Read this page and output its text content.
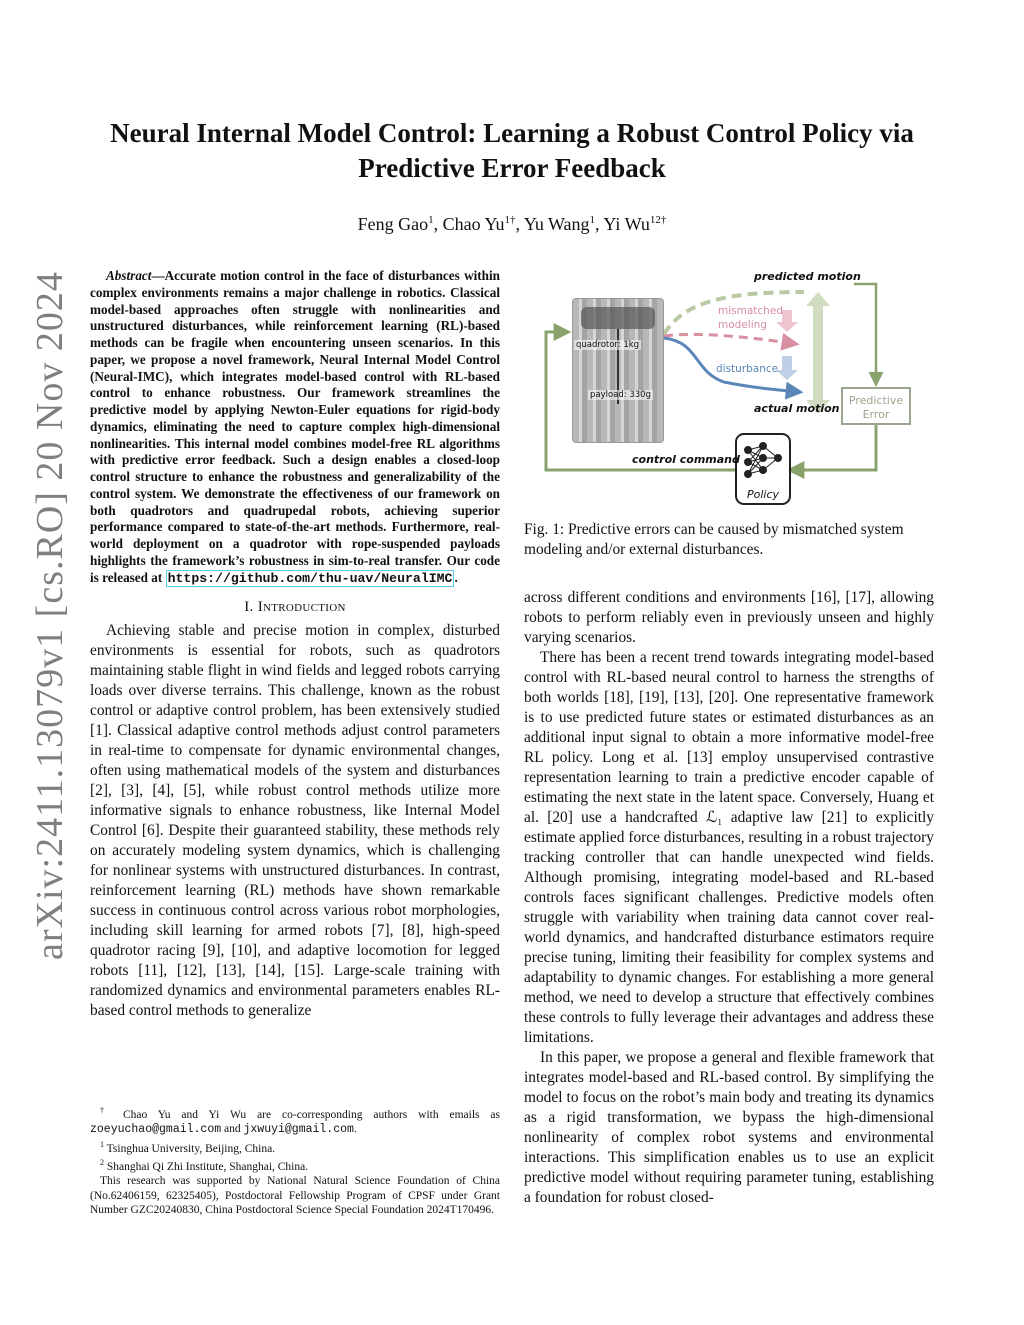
arXiv:2411.13079v1 [cs.RO] 20 Nov 2024
Neural Internal Model Control: Learning a Robust Control Policy via
Predictive Error Feedback
Feng Gao$^1$, Chao $Yu^{1\dagger}$, Yu Wang$^1$, Yi $Wu^{12\dagger}$

Abstract—Accurate motion control in the face of disturbances within complex environments remains a major challenge in robotics. Classical model-based approaches often struggle with nonlinearities and unstructured disturbances, while reinforcement learning (RL)-based methods can be fragile when encountering unseen scenarios. In this paper, we propose a novel framework, Neural Internal Model Control (Neural-IMC), which integrates model-based control with RL-based control to enhance robustness. Our framework streamlines the predictive model by applying Newton-Euler equations for rigid-body dynamics, eliminating the need to capture complex high-dimensional nonlinearities. This internal model combines model-free RL algorithms with predictive error feedback. Such a design enables a closed-loop control structure to enhance the robustness and generalizability of the control system. We demonstrate the effectiveness of our framework on both quadrotors and quadrupedal robots, achieving superior performance compared to state-of-the-art methods. Furthermore, real-world deployment on a quadrotor with rope-suspended payloads highlights the framework’s robustness in sim-to-real transfer. Our code is released at https://github.com/thu-uav/NeuralIMC .

I. Introduction

Achieving stable and precise motion in complex, disturbed environments is essential for robots, such as quadrotors maintaining stable flight in wind fields and legged robots carrying loads over diverse terrains. This challenge, known as the robust control or adaptive control problem, has been extensively studied [1]. Classical adaptive control methods adjust control parameters in real-time to compensate for dynamic environmental changes, often using mathematical models of the system and disturbances [2], [3], [4], [5], while robust control methods utilize more informative signals to enhance robustness, like Internal Model Control [6]. Despite their guaranteed stability, these methods rely on accurately modeling system dynamics, which is challenging for nonlinear systems with unstructured disturbances. In contrast, reinforcement learning (RL) methods have shown remarkable success in continuous control across various robot morphologies, including skill learning for armed robots [7], [8], high-speed quadrotor racing [9], [10], and adaptive locomotion for legged robots [11], [12], [13], [14], [15]. Large-scale training with randomized dynamics and environmental parameters enables RL-based control methods to generalize

† Chao Yu and Yi Wu are co-corresponding authors with emails as zoeyuchao@gmail.com and jxwuyi@gmail.com.

$^1$ Tsinghua University, Beijing, China.

$^2$ Shanghai Qi Zhi Institute, Shanghai, China.

This research was supported by National Natural Science Foundation of China (No.62406159, 62325405), Postdoctoral Fellowship Program of CPSF under Grant Number GZC20240830, China Postdoctoral Science Special Foundation 2024T170496.

predicted motion
mismatched
modeling
disturbance
actual motion
Predictive
Error
control command
Policy
quadrotor: 1kg
payload: 330g

Fig. 1: Predictive errors can be caused by mismatched system modeling and/or external disturbances.

across different conditions and environments [16], [17], allowing robots to perform reliably even in previously unseen and highly varying scenarios.

There has been a recent trend towards integrating model-based control with RL-based neural control to harness the strengths of both worlds [18], [19], [13], [20]. One representative framework is to use predicted future states or estimated disturbances as an additional input signal to obtain a more informative model-free RL policy. Long et al. [13] employ unsupervised contrastive representation learning to train a predictive encoder capable of estimating the next state in the latent space. Conversely, Huang et al. [20] use a handcrafted ℒ₁ adaptive law [21] to explicitly estimate applied force disturbances, resulting in a robust trajectory tracking controller that can handle unexpected wind fields. Although promising, integrating model-based and RL-based controls faces significant challenges. Predictive models often struggle with variability when training data cannot cover real-world dynamics, and handcrafted disturbance estimators require precise tuning, limiting their feasibility for complex systems and adaptability to dynamic changes. For establishing a more general method, we need to develop a structure that effectively combines these controls to fully leverage their advantages and address these limitations.

In this paper, we propose a general and flexible framework that integrates model-based and RL-based control. By simplifying the model to focus on the robot’s main body and treating its dynamics as a rigid transformation, we bypass the high-dimensional nonlinearity of complex robot systems and environmental interactions. This simplification enables us to use an explicit predictive model without requiring parameter tuning, establishing a foundation for robust closed-
